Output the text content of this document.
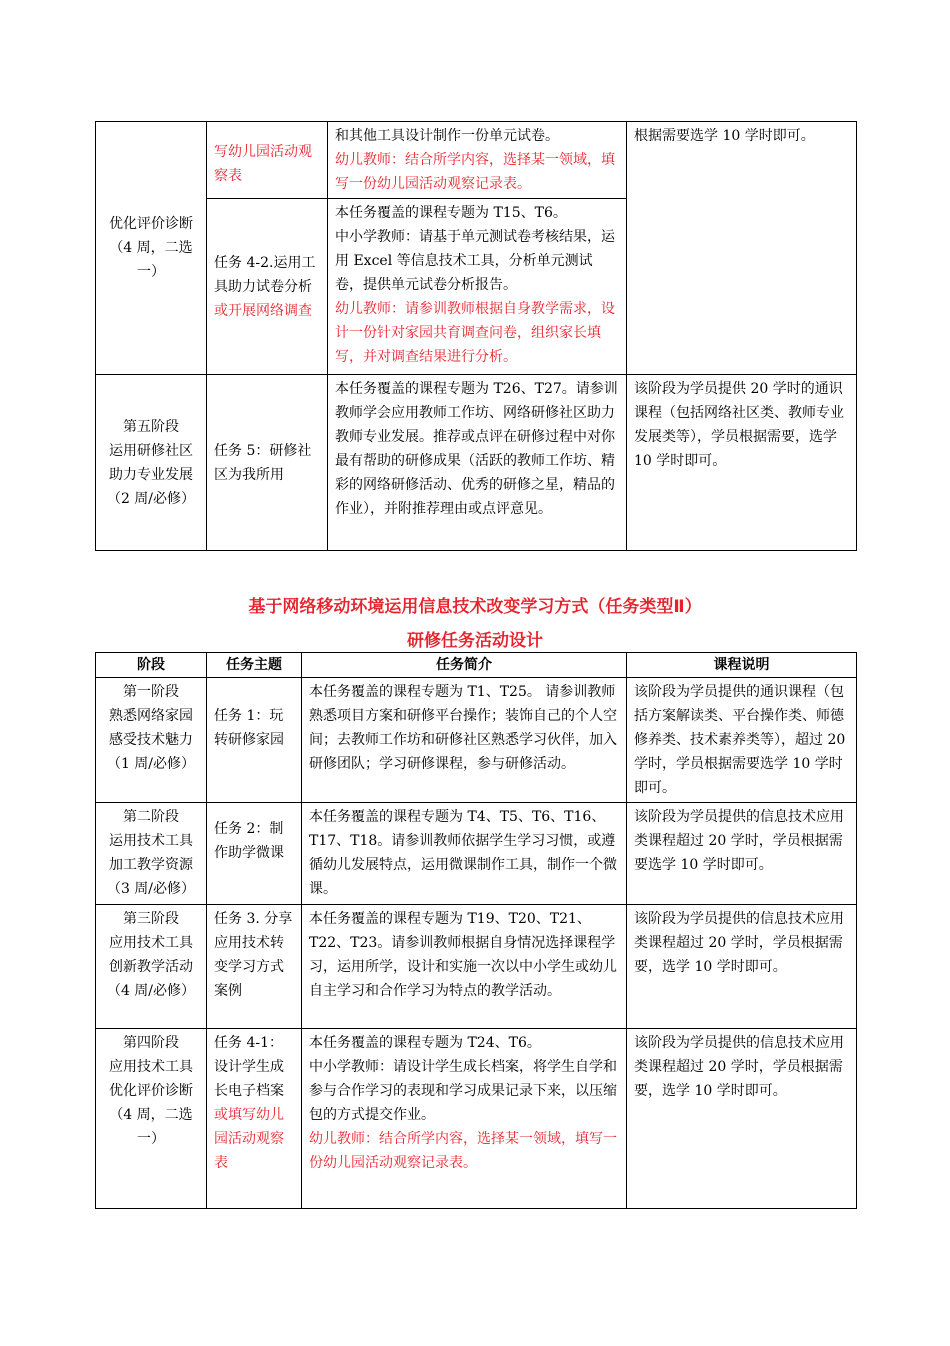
优化评价诊断
（4 周，二选一）	写幼儿园活动观察表	和其他工具设计制作一份单元试卷。
幼儿教师：结合所学内容，选择某一领域，填写一份幼儿园活动观察记录表。	根据需要选学 10 学时即可。
	任务 4-2.运用工具助力试卷分析或开展网络调查	本任务覆盖的课程专题为 T15、T6。
中小学教师：请基于单元测试卷考核结果，运用 Excel 等信息技术工具，分析单元测试卷，提供单元试卷分析报告。
幼儿教师：请参训教师根据自身教学需求，设计一份针对家园共育调查问卷，组织家长填写，并对调查结果进行分析。	

第五阶段
运用研修社区
助力专业发展
（2 周/必修）	任务 5：研修社区为我所用	本任务覆盖的课程专题为 T26、T27。请参训教师学会应用教师工作坊、网络研修社区助力教师专业发展。推荐或点评在研修过程中对你最有帮助的研修成果（活跃的教师工作坊、精彩的网络研修活动、优秀的研修之星，精品的作业），并附推荐理由或点评意见。	该阶段为学员提供 20 学时的通识课程（包括网络社区类、教师专业发展类等），学员根据需要，选学 10 学时即可。
基于网络移动环境运用信息技术改变学习方式（任务类型Ⅱ）
研修任务活动设计
阶段	任务主题	任务简介	课程说明

第一阶段
熟悉网络家园
感受技术魅力
（1 周/必修）	任务 1：玩转研修家园	本任务覆盖的课程专题为 T1、T25。 请参训教师熟悉项目方案和研修平台操作；装饰自己的个人空间；去教师工作坊和研修社区熟悉学习伙伴，加入研修团队；学习研修课程，参与研修活动。	该阶段为学员提供的通识课程（包括方案解读类、平台操作类、师德修养类、技术素养类等），超过 20 学时，学员根据需要选学 10 学时即可。

第二阶段
运用技术工具
加工教学资源
（3 周/必修）	任务 2：制作助学微课	本任务覆盖的课程专题为 T4、T5、T6、T16、T17、T18。请参训教师依据学生学习习惯，或遵循幼儿发展特点，运用微课制作工具，制作一个微课。	该阶段为学员提供的信息技术应用类课程超过 20 学时，学员根据需要选学 10 学时即可。

第三阶段
应用技术工具
创新教学活动
（4 周/必修）	任务 3. 分享应用技术转变学习方式案例	本任务覆盖的课程专题为 T19、T20、T21、T22、T23。请参训教师根据自身情况选择课程学习，运用所学，设计和实施一次以中小学生或幼儿自主学习和合作学习为特点的教学活动。	该阶段为学员提供的信息技术应用类课程超过 20 学时，学员根据需要，选学 10 学时即可。

第四阶段
应用技术工具
优化评价诊断
（4 周，二选一）	任务 4-1：设计学生成长电子档案或填写幼儿园活动观察表	本任务覆盖的课程专题为 T24、T6。
中小学教师：请设计学生成长档案，将学生自学和参与合作学习的表现和学习成果记录下来，以压缩包的方式提交作业。
幼儿教师：结合所学内容，选择某一领域，填写一份幼儿园活动观察记录表。	该阶段为学员提供的信息技术应用类课程超过 20 学时，学员根据需要，选学 10 学时即可。
